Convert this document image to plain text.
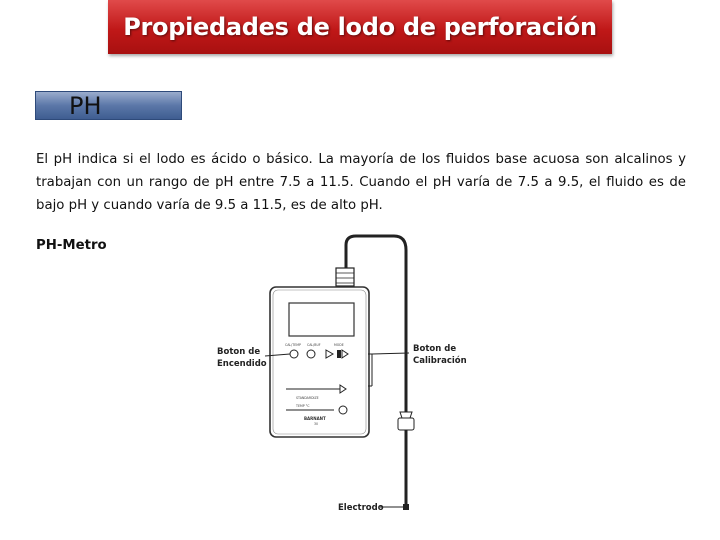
Propiedades de lodo de perforación
PH

El pH indica si el lodo es ácido o básico. La mayoría de los fluidos base acuosa son alcalinos y trabajan con un rango de pH entre 7.5 a 11.5. Cuando el pH varía de 7.5 a 9.5, el fluido es de bajo pH y cuando varía de 9.5 a 11.5, es de alto pH.

PH-Metro
CAL/TEMP CAL/BUF	MODE
STANDARDIZE
TEMP °C
BARNANT
30
Boton de
Encendido
Boton de
Calibración
Electrodo
